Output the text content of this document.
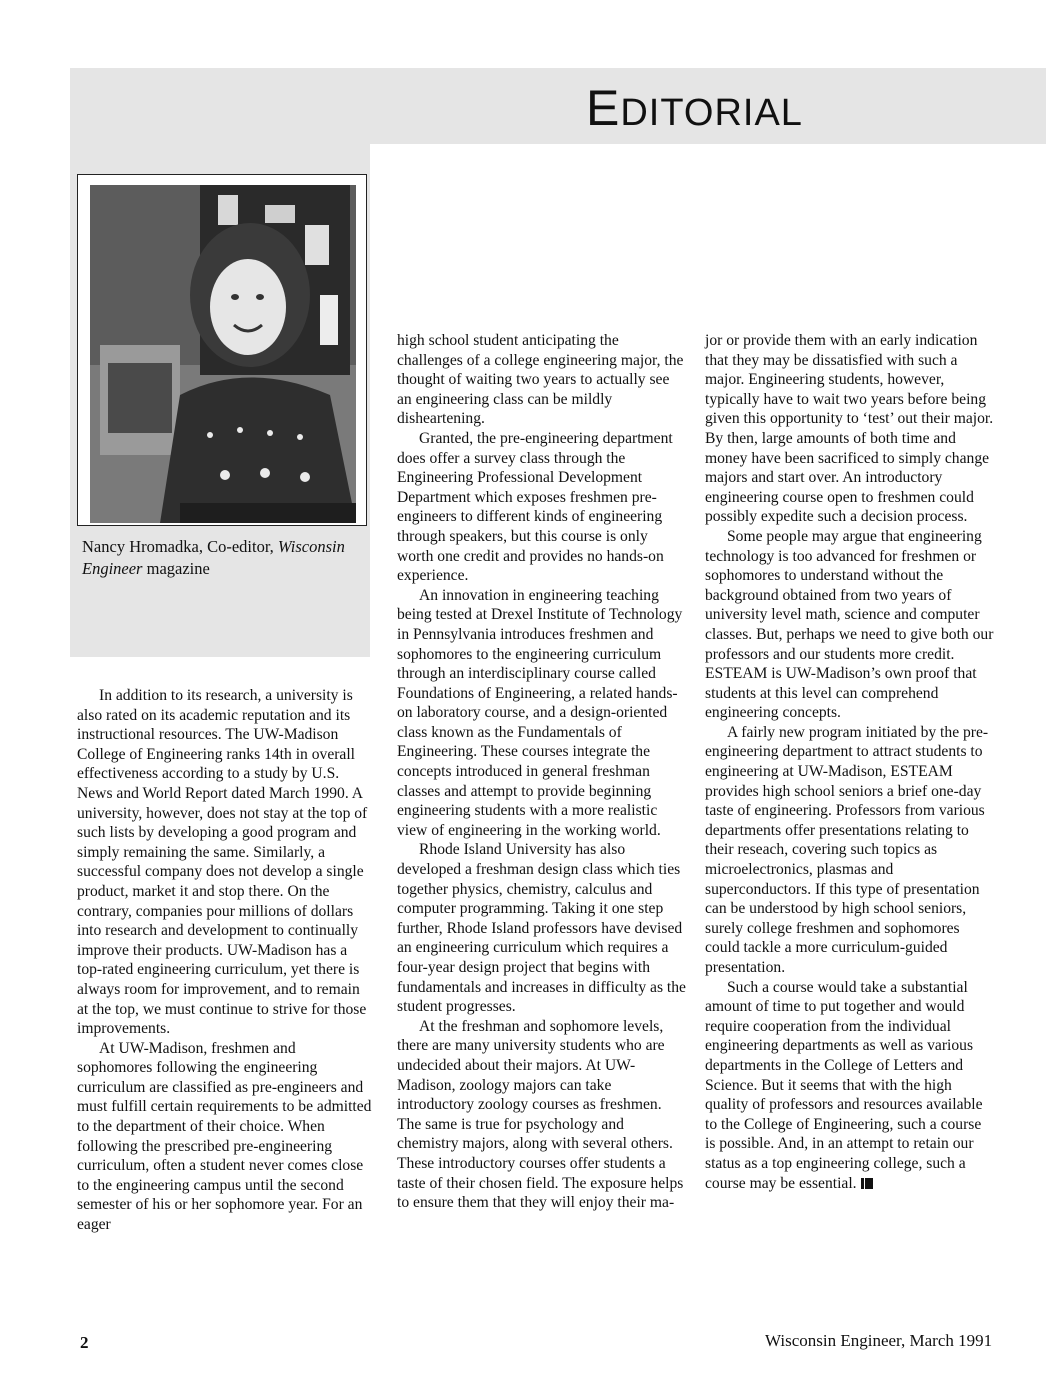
EDITORIAL
Nancy Hromadka, Co-editor, Wisconsin Engineer magazine

In addition to its research, a university is also rated on its academic reputation and its instructional resources. The UW-Madison College of Engineering ranks 14th in overall effectiveness according to a study by U.S. News and World Report dated March 1990. A university, however, does not stay at the top of such lists by developing a good program and simply remaining the same. Similarly, a successful company does not develop a single product, market it and stop there. On the contrary, companies pour millions of dollars into research and development to continually improve their products. UW-Madison has a top-rated engineering curriculum, yet there is always room for improvement, and to remain at the top, we must continue to strive for those improvements.

At UW-Madison, freshmen and sophomores following the engineering curriculum are classified as pre-engineers and must fulfill certain requirements to be admitted to the department of their choice. When following the prescribed pre-engineering curriculum, often a student never comes close to the engineering campus until the second semester of his or her sophomore year. For an eager

high school student anticipating the challenges of a college engineering major, the thought of waiting two years to actually see an engineering class can be mildly disheartening.

Granted, the pre-engineering department does offer a survey class through the Engineering Professional Development Department which exposes freshmen pre-engineers to different kinds of engineering through speakers, but this course is only worth one credit and provides no hands-on experience.

An innovation in engineering teaching being tested at Drexel Institute of Technology in Pennsylvania introduces freshmen and sophomores to the engineering curriculum through an interdisciplinary course called Foundations of Engineering, a related hands-on laboratory course, and a design-oriented class known as the Fundamentals of Engineering. These courses integrate the concepts introduced in general freshman classes and attempt to provide beginning engineering students with a more realistic view of engineering in the working world.

Rhode Island University has also developed a freshman design class which ties together physics, chemistry, calculus and computer programming. Taking it one step further, Rhode Island professors have devised an engineering curriculum which requires a four-year design project that begins with fundamentals and increases in difficulty as the student progresses.

At the freshman and sophomore levels, there are many university students who are undecided about their majors. At UW-Madison, zoology majors can take introductory zoology courses as freshmen. The same is true for psychology and chemistry majors, along with several others. These introductory courses offer students a taste of their chosen field. The exposure helps to ensure them that they will enjoy their ma-

jor or provide them with an early indication that they may be dissatisfied with such a major. Engineering students, however, typically have to wait two years before being given this opportunity to ‘test’ out their major. By then, large amounts of both time and money have been sacrificed to simply change majors and start over. An introductory engineering course open to freshmen could possibly expedite such a decision process.

Some people may argue that engineering technology is too advanced for freshmen or sophomores to understand without the background obtained from two years of university level math, science and computer classes. But, perhaps we need to give both our professors and our students more credit. ESTEAM is UW-Madison’s own proof that students at this level can comprehend engineering concepts.

A fairly new program initiated by the pre-engineering department to attract students to engineering at UW-Madison, ESTEAM provides high school seniors a brief one-day taste of engineering. Professors from various departments offer presentations relating to their reseach, covering such topics as microelectronics, plasmas and superconductors. If this type of presentation can be understood by high school seniors, surely college freshmen and sophomores could tackle a more curriculum-guided presentation.

Such a course would take a substantial amount of time to put together and would require cooperation from the individual engineering departments as well as various departments in the College of Letters and Science. But it seems that with the high quality of professors and resources available to the College of Engineering, such a course is possible. And, in an attempt to retain our status as a top engineering college, such a course may be essential.

2	Wisconsin Engineer, March 1991
